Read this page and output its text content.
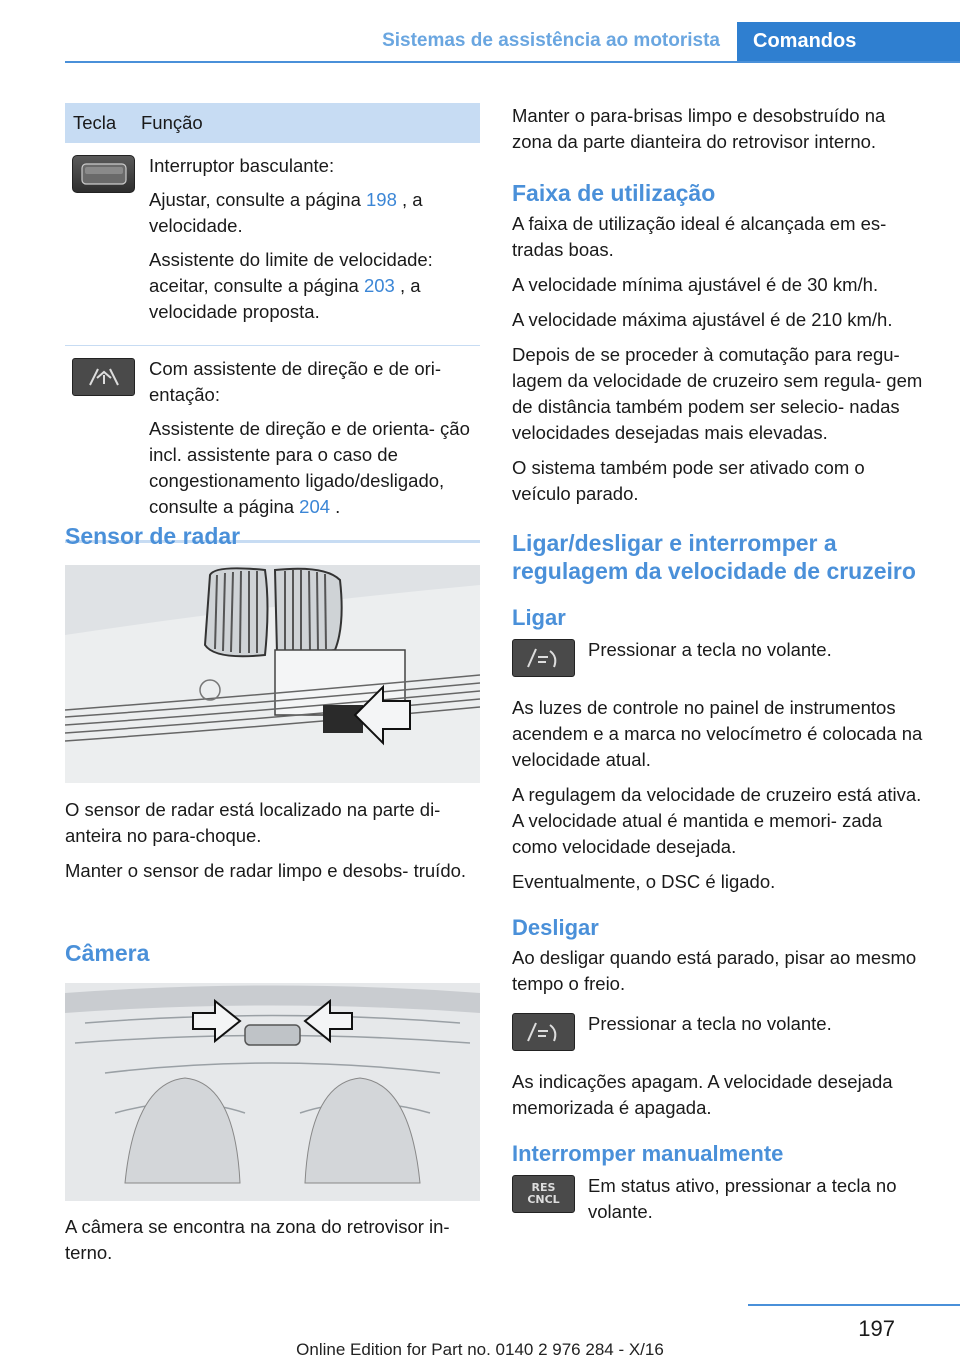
Sistemas de assistência ao motorista	Comandos
Tecla	Função

Interruptor basculante:

Ajustar, consulte a página 198 , a velocidade.

Assistente do limite de velocidade: aceitar, consulte a página 203 , a velocidade proposta.

Com assistente de direção e de ori- entação:

Assistente de direção e de orienta- ção incl. assistente para o caso de congestionamento ligado/desligado, consulte a página 204 .

Sensor de radar

O sensor de radar está localizado na parte di- anteira no para-choque.

Manter o sensor de radar limpo e desobs- truído.

Câmera

A câmera se encontra na zona do retrovisor in- terno.

Manter o para-brisas limpo e desobstruído na zona da parte dianteira do retrovisor interno.

Faixa de utilização

A faixa de utilização ideal é alcançada em es- tradas boas.

A velocidade mínima ajustável é de 30 km/h.

A velocidade máxima ajustável é de 210 km/h.

Depois de se proceder à comutação para regu- lagem da velocidade de cruzeiro sem regula- gem de distância também podem ser selecio- nadas velocidades desejadas mais elevadas.

O sistema também pode ser ativado com o veículo parado.

Ligar/desligar e interromper a regulagem da velocidade de cruzeiro
Ligar
Pressionar a tecla no volante.

As luzes de controle no painel de instrumentos acendem e a marca no velocímetro é colocada na velocidade atual.

A regulagem da velocidade de cruzeiro está ativa. A velocidade atual é mantida e memori- zada como velocidade desejada.

Eventualmente, o DSC é ligado.

Desligar

Ao desligar quando está parado, pisar ao mesmo tempo o freio.

Pressionar a tecla no volante.

As indicações apagam. A velocidade desejada memorizada é apagada.

Interromper manualmente
RES
CNCL
Em status ativo, pressionar a tecla no volante.
197
Online Edition for Part no. 0140 2 976 284 - X/16
